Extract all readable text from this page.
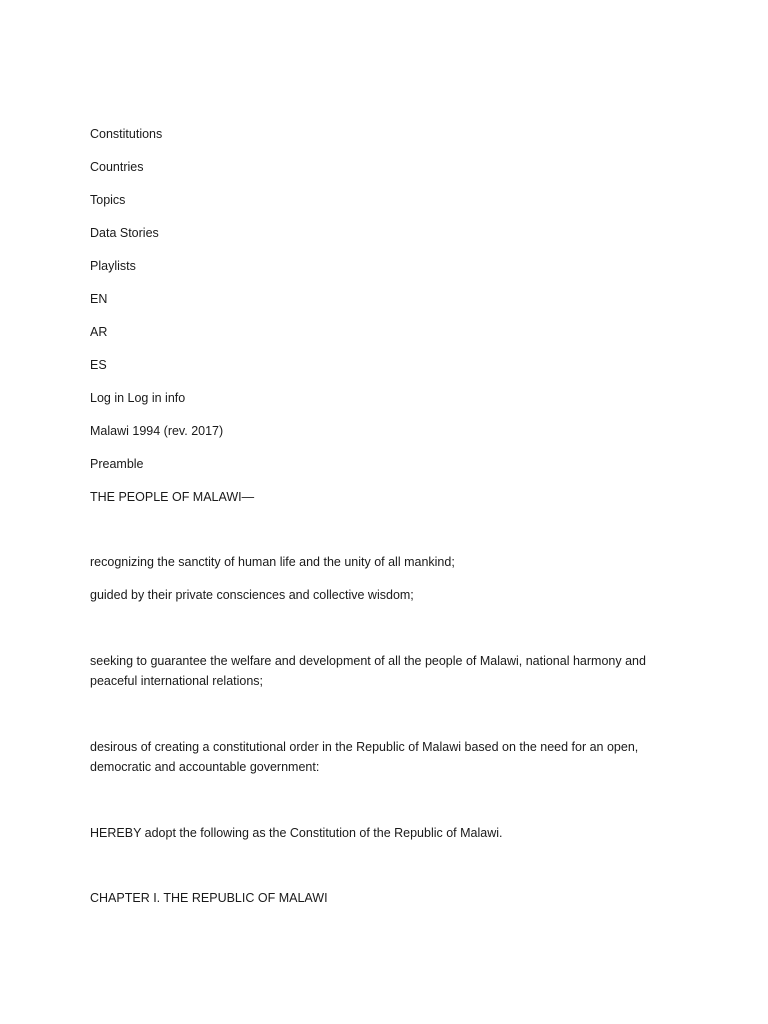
Constitutions
Countries
Topics
Data Stories
Playlists
EN
AR
ES
Log in Log in info

Malawi 1994 (rev. 2017)

Preamble

THE PEOPLE OF MALAWI—

recognizing the sanctity of human life and the unity of all mankind;

guided by their private consciences and collective wisdom;

seeking to guarantee the welfare and development of all the people of Malawi, national harmony and peaceful international relations;

desirous of creating a constitutional order in the Republic of Malawi based on the need for an open, democratic and accountable government:

HEREBY adopt the following as the Constitution of the Republic of Malawi.

CHAPTER I. THE REPUBLIC OF MALAWI
